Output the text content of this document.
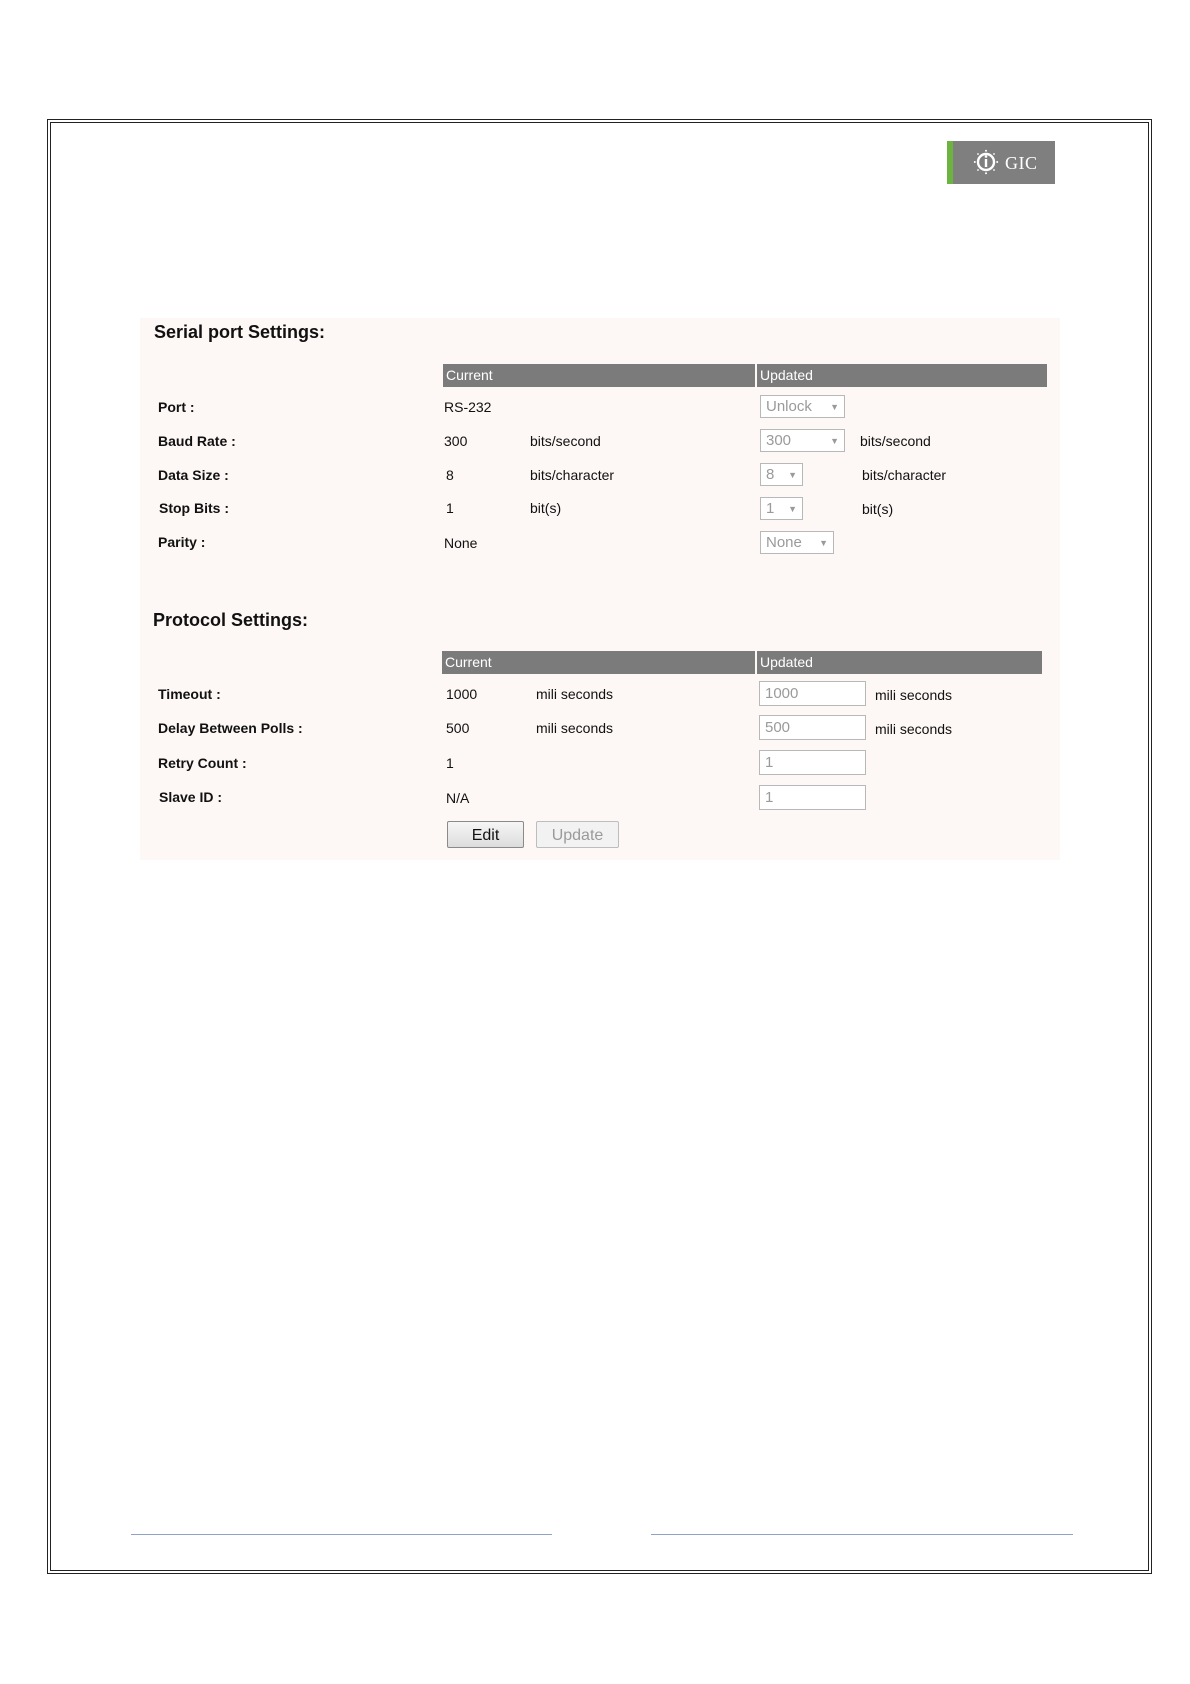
GIC
Serial port Settings:
Current	Updated
Port :	RS-232	Unlock ▼
Baud Rate :	300	bits/second	300	▼ bits/second
Data Size :	8	bits/character	8 ▼	bits/character
Stop Bits :	1	bit(s)	1 ▼	bit(s)
Parity :	None	None ▼
Protocol Settings:
Current	Updated
Timeout :	1000	mili seconds	1000	mili seconds
Delay Between Polls :	500	mili seconds	500	mili seconds
Retry Count :	1	1
Slave ID :	N/A	1
Edit	Update
